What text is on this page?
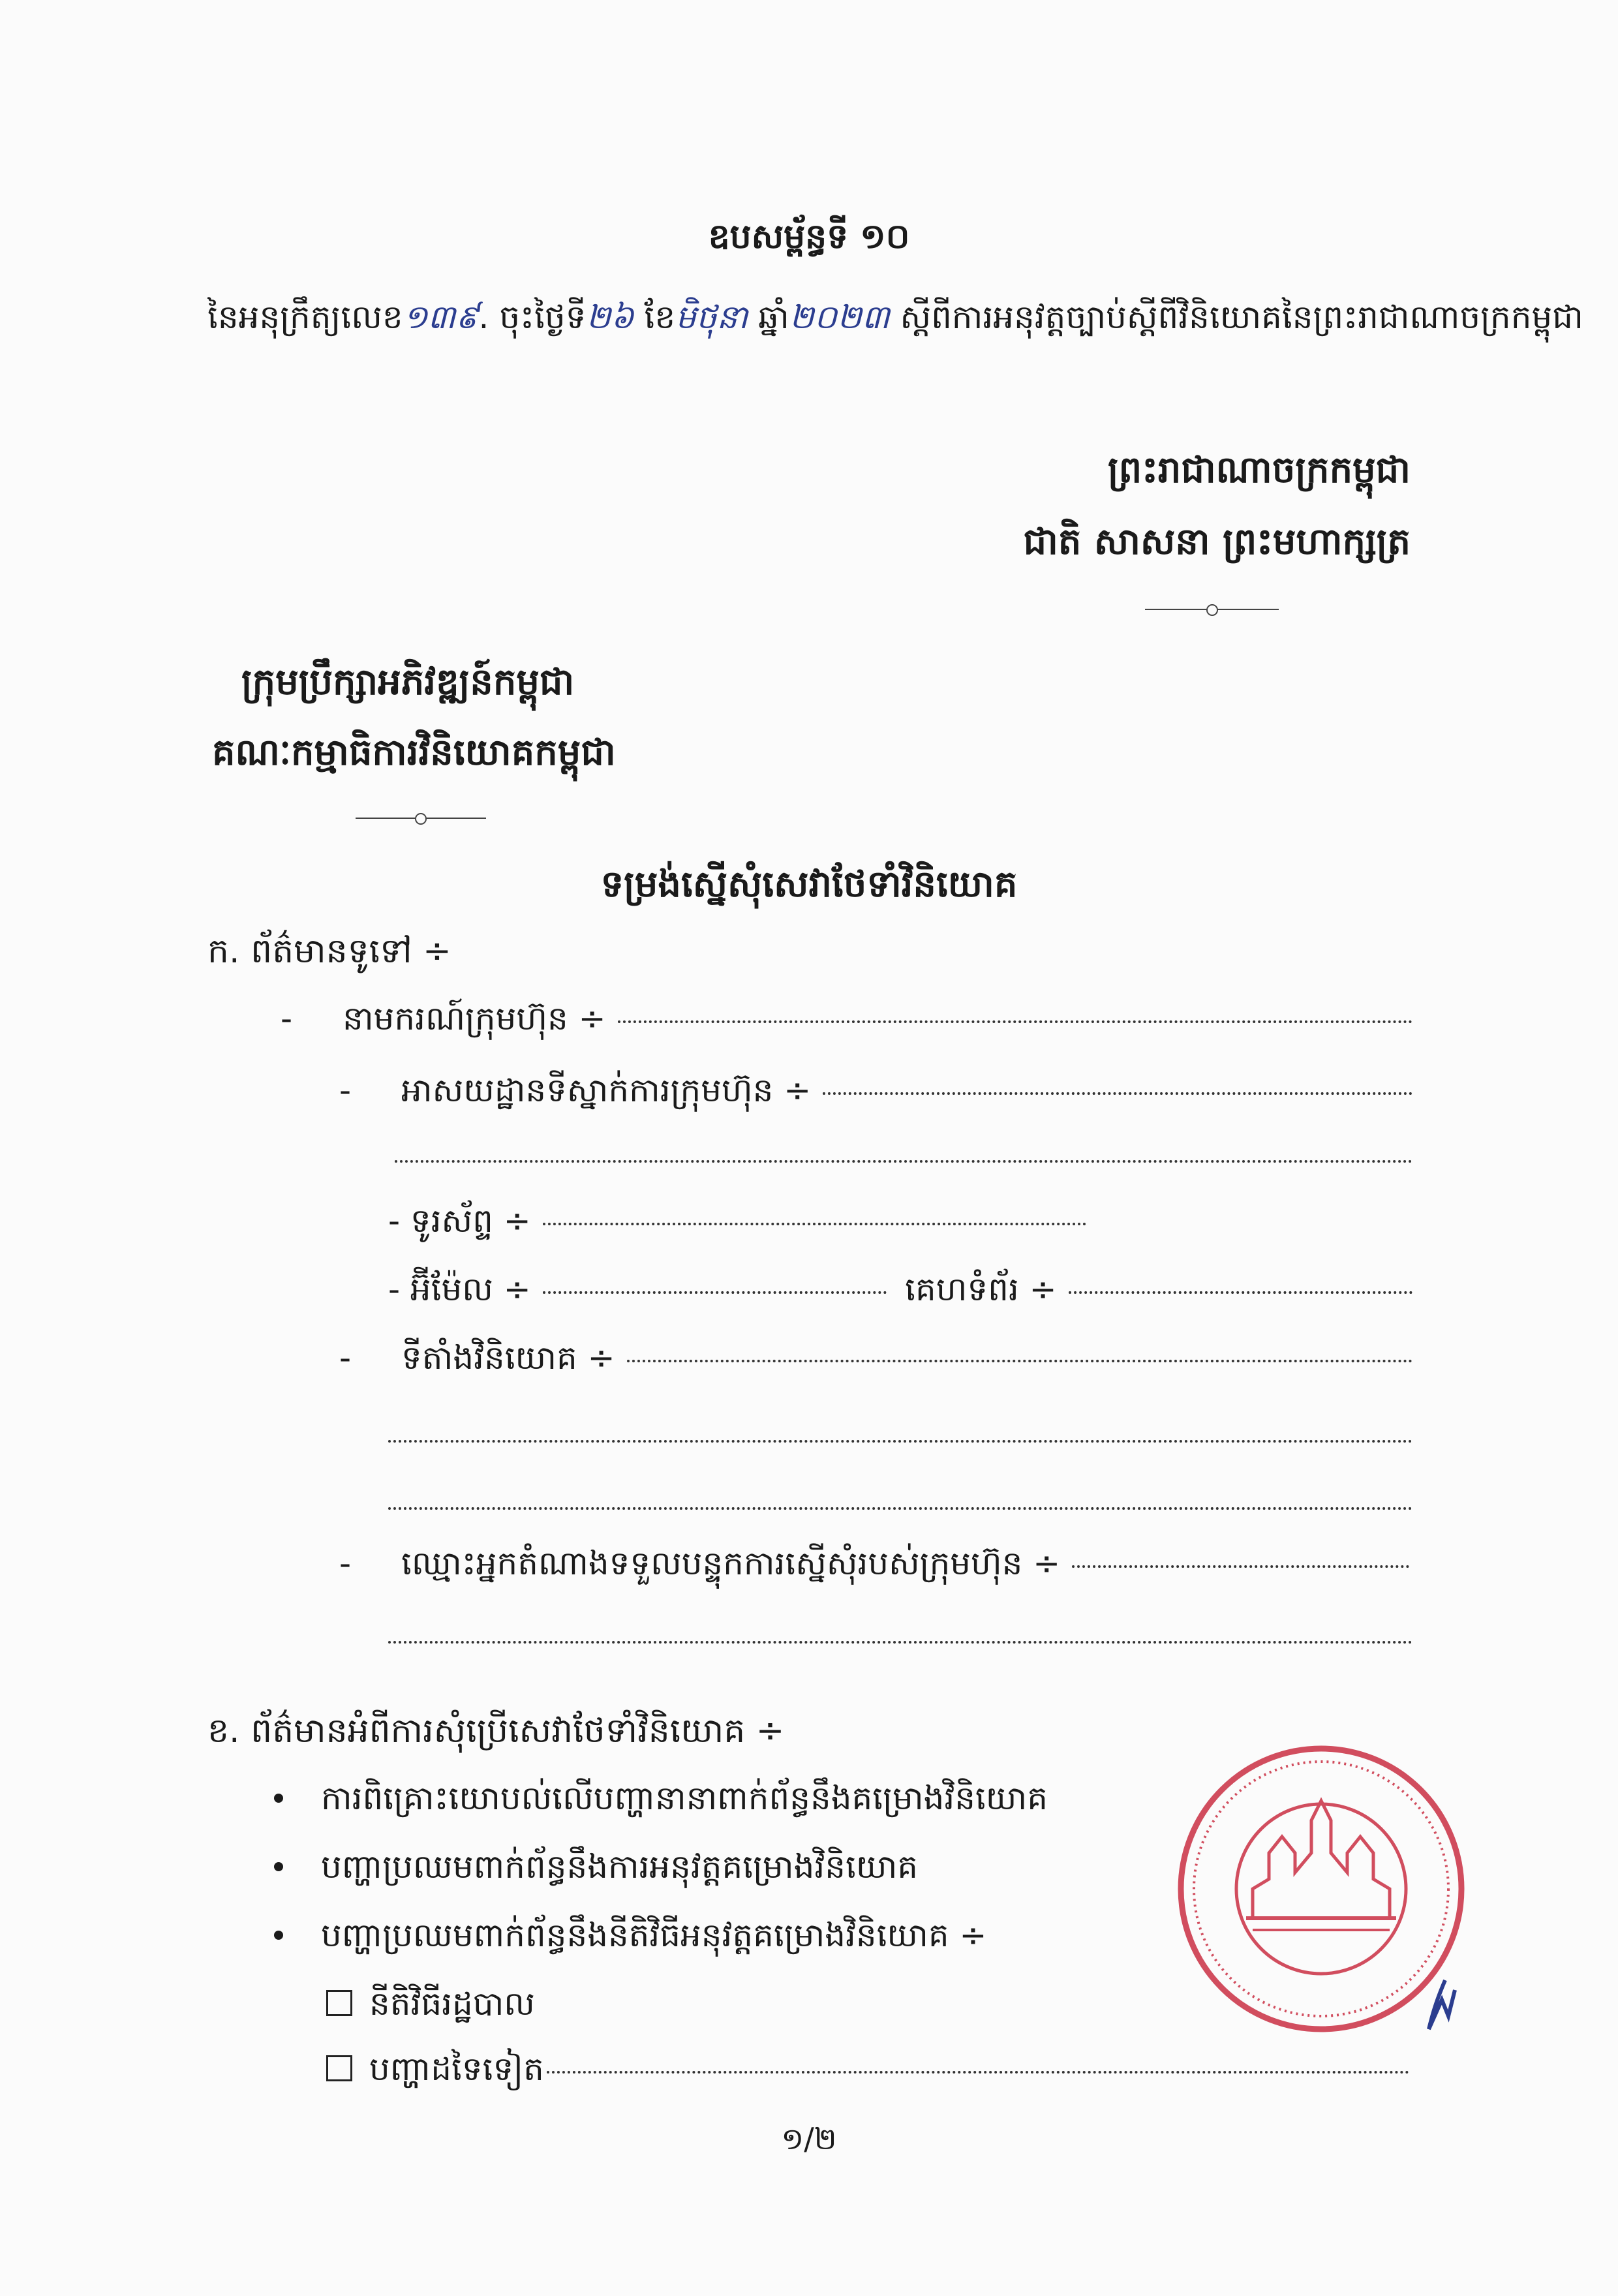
ឧបសម្ព័ន្ធទី ១០
នៃអនុក្រឹត្យលេខ១៣៩. ចុះថ្ងៃទី២៦ ខែមិថុនា ឆ្នាំ២០២៣ ស្តីពីការអនុវត្តច្បាប់ស្តីពីវិនិយោគនៃព្រះរាជាណាចក្រកម្ពុជា
ព្រះរាជាណាចក្រកម្ពុជា
ជាតិ សាសនា ព្រះមហាក្សត្រ
ក្រុមប្រឹក្សាអភិវឌ្ឍន៍កម្ពុជា
គណៈកម្មាធិការវិនិយោគកម្ពុជា
ទម្រង់ស្នើសុំសេវាថែទាំវិនិយោគ
ក. ព័ត៌មានទូទៅ ÷
-	នាមករណ៍ក្រុមហ៊ុន ÷
-	អាសយដ្ឋានទីស្នាក់ការក្រុមហ៊ុន ÷
- ទូរស័ព្ទ ÷
- អ៊ីម៉ែល ÷	គេហទំព័រ ÷
-	ទីតាំងវិនិយោគ ÷
-	ឈ្មោះអ្នកតំណាងទទួលបន្ទុកការស្នើសុំរបស់ក្រុមហ៊ុន ÷
ខ. ព័ត៌មានអំពីការសុំប្រើសេវាថែទាំវិនិយោគ ÷
ការពិគ្រោះយោបល់លើបញ្ហានានាពាក់ព័ន្ធនឹងគម្រោងវិនិយោគ
បញ្ហាប្រឈមពាក់ព័ន្ធនឹងការអនុវត្តគម្រោងវិនិយោគ
បញ្ហាប្រឈមពាក់ព័ន្ធនឹងនីតិវិធីអនុវត្តគម្រោងវិនិយោគ ÷
នីតិវិធីរដ្ឋបាល
បញ្ហាដទៃទៀត
១/២
